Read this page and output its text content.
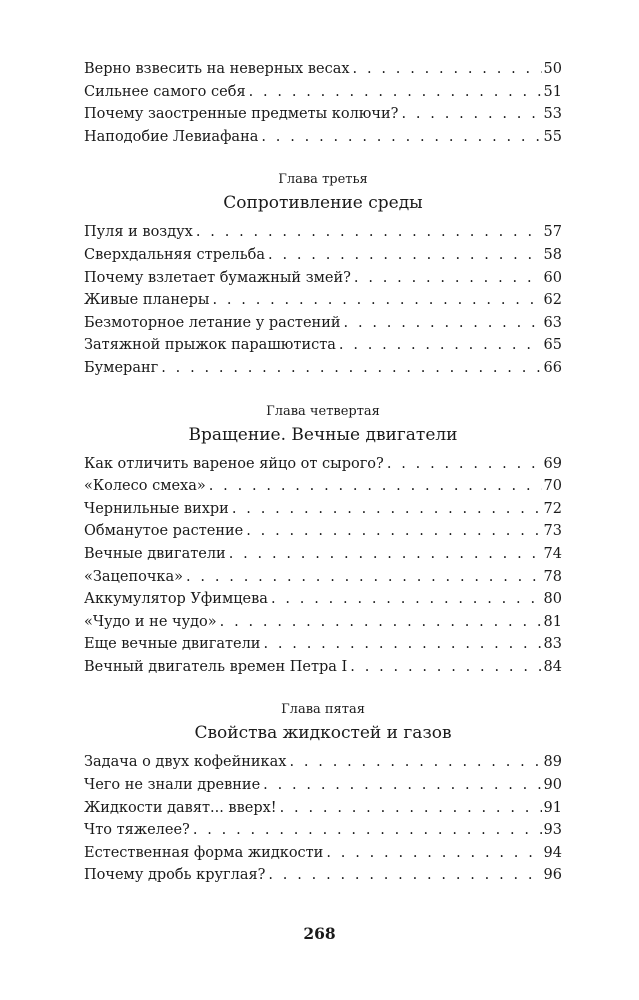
Верно взвесить на неверных весах . . .	50
Сильнее самого себя . . .	51
Почему заостренные предметы колючи? . . .	53
Наподобие Левиафана . . .	55
Глава третья
Сопротивление среды
Пуля и воздух . . .	57
Сверхдальняя стрельба . . .	58
Почему взлетает бумажный змей? . . .	60
Живые планеры . . .	62
Безмоторное летание у растений . . .	63
Затяжной прыжок парашютиста . . .	65
Бумеранг . . .	66
Глава четвертая
Вращение. Вечные двигатели
Как отличить вареное яйцо от сырого? . . .	69
«Колесо смеха» . . .	70
Чернильные вихри . . .	72
Обманутое растение . . .	73
Вечные двигатели . . .	74
«Зацепочка» . . .	78
Аккумулятор Уфимцева . . .	80
«Чудо и не чудо» . . .	81
Еще вечные двигатели . . .	83
Вечный двигатель времен Петра I . . .	84
Глава пятая
Свойства жидкостей и газов
Задача о двух кофейниках . . .	89
Чего не знали древние . . .	90
Жидкости давят... вверх! . . .	91
Что тяжелее? . . .	93
Естественная форма жидкости . . .	94
Почему дробь круглая? . . .	96
268
